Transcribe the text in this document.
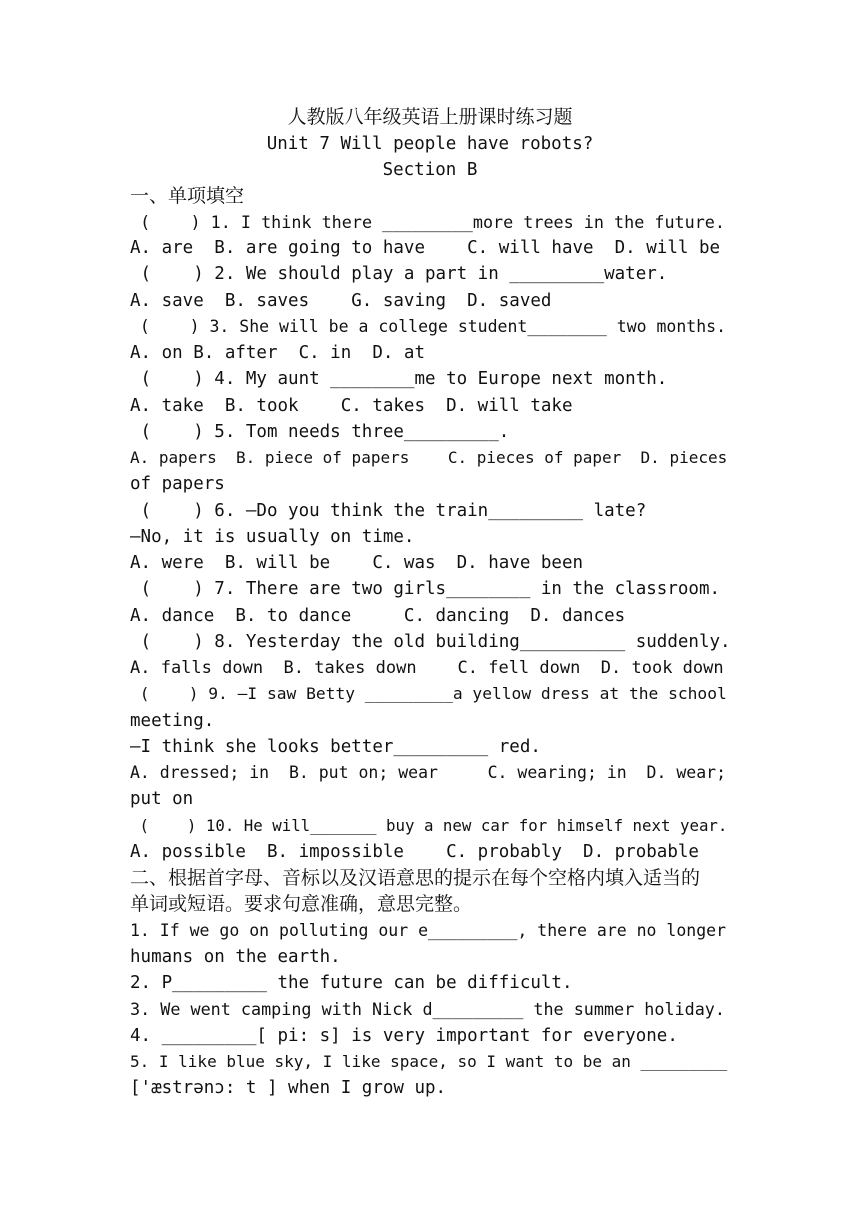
人教版八年级英语上册课时练习题
Unit 7 Will people have robots?
Section B
一、单项填空
(    ) 1. I think there _________more trees in the future.
A. are  B. are going to have    C. will have  D. will be
(    ) 2. We should play a part in _________water.
A. save  B. saves    G. saving  D. saved
(    ) 3. She will be a college student________ two months.
A. on B. after  C. in  D. at
(    ) 4. My aunt ________me to Europe next month.
A. take  B. took    C. takes  D. will take
(    ) 5. Tom needs three_________.
A. papers  B. piece of papers    C. pieces of paper  D. pieces
of papers
(    ) 6. —Do you think the train_________ late?
—No, it is usually on time.
A. were  B. will be    C. was  D. have been
(    ) 7. There are two girls________ in the classroom.
A. dance  B. to dance     C. dancing  D. dances
(    ) 8. Yesterday the old building__________ suddenly.
A. falls down  B. takes down    C. fell down  D. took down
(    ) 9. —I saw Betty _________a yellow dress at the school
meeting.
—I think she looks better_________ red.
A. dressed; in  B. put on; wear     C. wearing; in  D. wear;
put on
(    ) 10. He will_______ buy a new car for himself next year.
A. possible  B. impossible    C. probably  D. probable
二、根据首字母、音标以及汉语意思的提示在每个空格内填入适当的
单词或短语。要求句意准确，意思完整。
1. If we go on polluting our e_________, there are no longer
humans on the earth.
2. P_________ the future can be difficult.
3. We went camping with Nick d_________ the summer holiday.
4. _________[ pi: s] is very important for everyone.
5. I like blue sky, I like space, so I want to be an _________
['æstrənɔ: t ] when I grow up.
